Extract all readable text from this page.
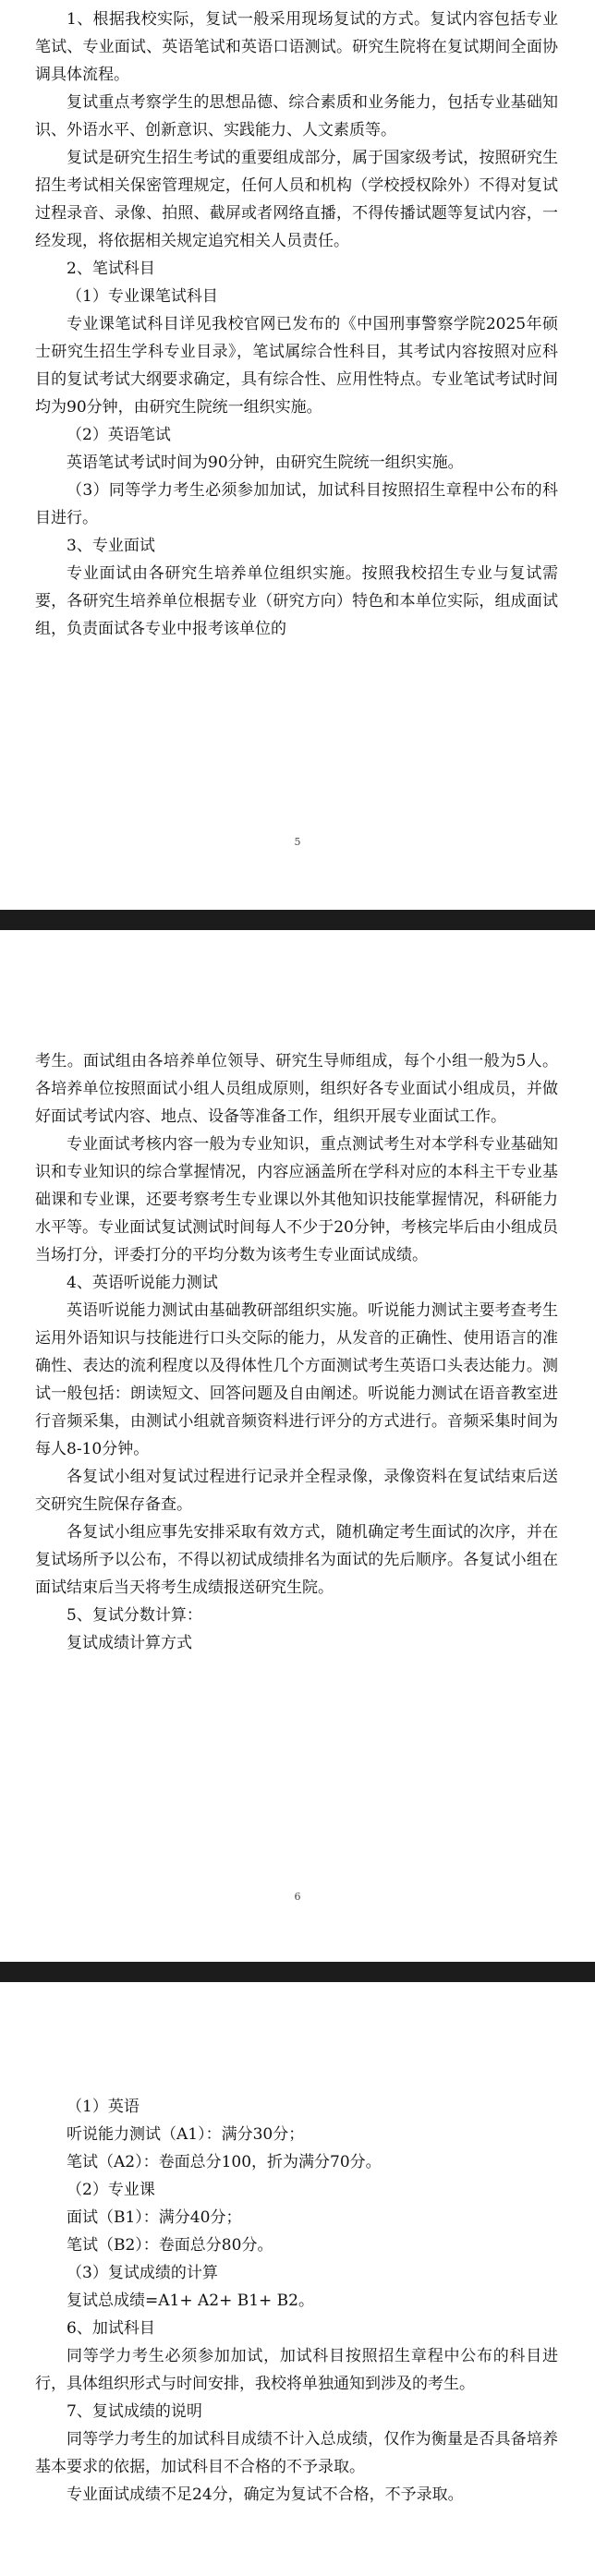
1、根据我校实际，复试一般采用现场复试的方式。复试内容包括专业笔试、专业面试、英语笔试和英语口语测试。研究生院将在复试期间全面协调具体流程。

复试重点考察学生的思想品德、综合素质和业务能力，包括专业基础知识、外语水平、创新意识、实践能力、人文素质等。

复试是研究生招生考试的重要组成部分，属于国家级考试，按照研究生招生考试相关保密管理规定，任何人员和机构（学校授权除外）不得对复试过程录音、录像、拍照、截屏或者网络直播，不得传播试题等复试内容，一经发现，将依据相关规定追究相关人员责任。

2、笔试科目

（1）专业课笔试科目

专业课笔试科目详见我校官网已发布的《中国刑事警察学院2025年硕士研究生招生学科专业目录》，笔试属综合性科目，其考试内容按照对应科目的复试考试大纲要求确定，具有综合性、应用性特点。专业笔试考试时间均为90分钟，由研究生院统一组织实施。

（2）英语笔试

英语笔试考试时间为90分钟，由研究生院统一组织实施。

（3）同等学力考生必须参加加试，加试科目按照招生章程中公布的科目进行。

3、专业面试

专业面试由各研究生培养单位组织实施。按照我校招生专业与复试需要，各研究生培养单位根据专业（研究方向）特色和本单位实际，组成面试组，负责面试各专业中报考该单位的

5

考生。面试组由各培养单位领导、研究生导师组成，每个小组一般为5人。各培养单位按照面试小组人员组成原则，组织好各专业面试小组成员，并做好面试考试内容、地点、设备等准备工作，组织开展专业面试工作。

专业面试考核内容一般为专业知识，重点测试考生对本学科专业基础知识和专业知识的综合掌握情况，内容应涵盖所在学科对应的本科主干专业基础课和专业课，还要考察考生专业课以外其他知识技能掌握情况，科研能力水平等。专业面试复试测试时间每人不少于20分钟，考核完毕后由小组成员当场打分，评委打分的平均分数为该考生专业面试成绩。

4、英语听说能力测试

英语听说能力测试由基础教研部组织实施。听说能力测试主要考查考生运用外语知识与技能进行口头交际的能力，从发音的正确性、使用语言的准确性、表达的流利程度以及得体性几个方面测试考生英语口头表达能力。测试一般包括：朗读短文、回答问题及自由阐述。听说能力测试在语音教室进行音频采集，由测试小组就音频资料进行评分的方式进行。音频采集时间为每人8-10分钟。

各复试小组对复试过程进行记录并全程录像，录像资料在复试结束后送交研究生院保存备查。

各复试小组应事先安排采取有效方式，随机确定考生面试的次序，并在复试场所予以公布，不得以初试成绩排名为面试的先后顺序。各复试小组在面试结束后当天将考生成绩报送研究生院。

5、复试分数计算：

复试成绩计算方式

6

（1）英语

听说能力测试（A1）：满分30分；

笔试（A2）：卷面总分100，折为满分70分。

（2）专业课

面试（B1）：满分40分；

笔试（B2）：卷面总分80分。

（3）复试成绩的计算

复试总成绩=A1+ A2+ B1+ B2。

6、加试科目

同等学力考生必须参加加试，加试科目按照招生章程中公布的科目进行，具体组织形式与时间安排，我校将单独通知到涉及的考生。

7、复试成绩的说明

同等学力考生的加试科目成绩不计入总成绩，仅作为衡量是否具备培养基本要求的依据，加试科目不合格的不予录取。

专业面试成绩不足24分，确定为复试不合格，不予录取。
